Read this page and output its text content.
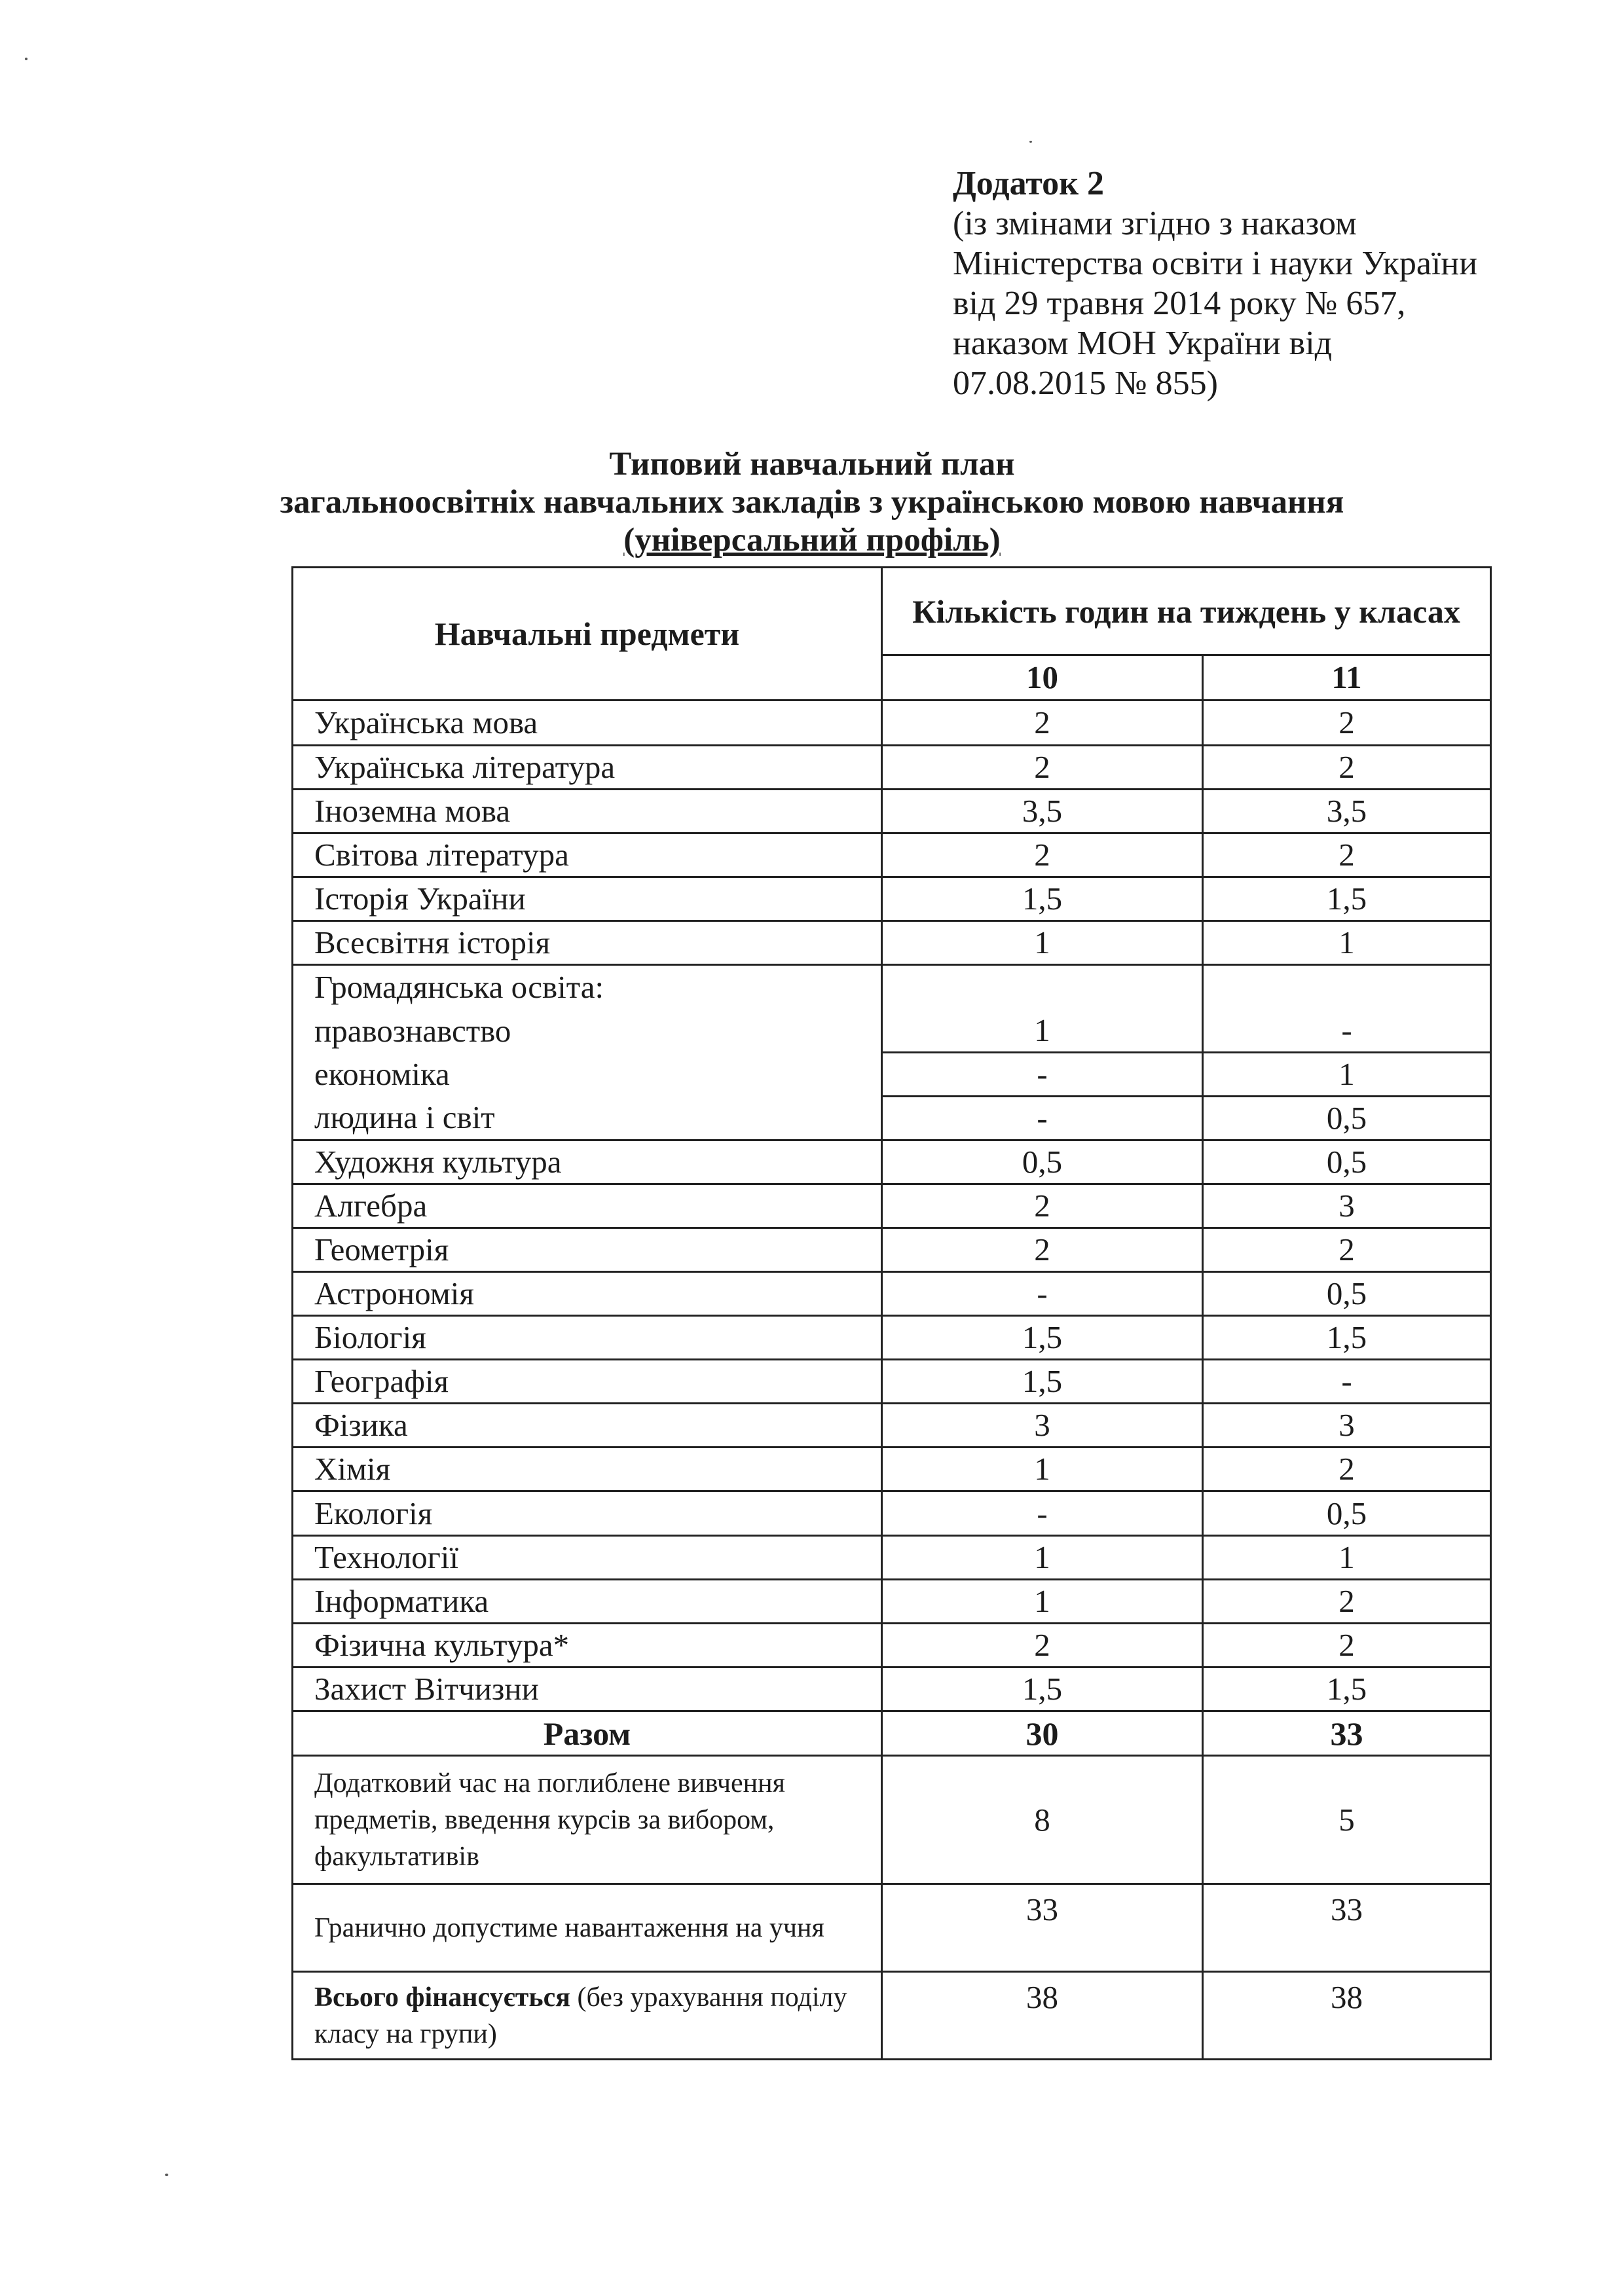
Додаток 2
(із змінами згідно з наказом
Міністерства освіти і науки України
від 29 травня 2014 року № 657,
наказом МОН України від
07.08.2015 № 855)
Типовий навчальний план
загальноосвітніх навчальних закладів з українською мовою навчання
(універсальний профіль)
Навчальні предмети	Кількість годин на тиждень у класах	
	10	11
Українська мова	2	2
Українська література	2	2
Іноземна мова	3,5	3,5
Світова література	2	2
Історія України	1,5	1,5
Всесвітня історія	1	1
Громадянська освіта:		
правознавство	1	-
економіка	-	1
людина і світ	-	0,5
Художня культура	0,5	0,5
Алгебра	2	3
Геометрія	2	2
Астрономія	-	0,5
Біологія	1,5	1,5
Географія	1,5	-
Фізика	3	3
Хімія	1	2
Екологія	-	0,5
Технології	1	1
Інформатика	1	2
Фізична культура*	2	2
Захист Вітчизни	1,5	1,5
Разом	30	33
Додатковий час на поглиблене вивчення предметів, введення курсів за вибором, факультативів	8	5
Гранично допустиме навантаження на учня	33	33
Всього фінансується (без урахування поділу класу на групи)	38	38
